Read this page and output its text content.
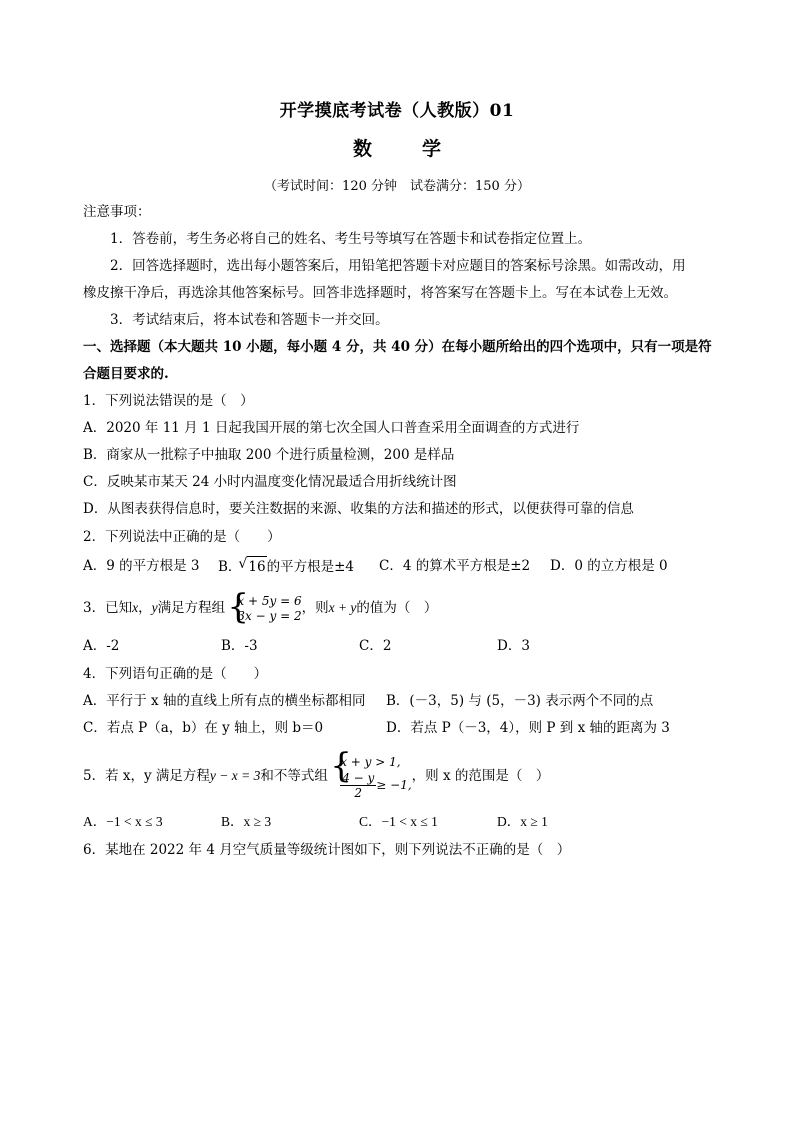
开学摸底考试卷（人教版）01
数	学
（考试时间：120 分钟　试卷满分：150 分）
注意事项：
1．答卷前，考生务必将自己的姓名、考生号等填写在答题卡和试卷指定位置上。
2．回答选择题时，选出每小题答案后，用铅笔把答题卡对应题目的答案标号涂黑。如需改动，用
橡皮擦干净后，再选涂其他答案标号。回答非选择题时，将答案写在答题卡上。写在本试卷上无效。
3．考试结束后，将本试卷和答题卡一并交回。
一、选择题（本大题共 10 小题，每小题 4 分，共 40 分）在每小题所给出的四个选项中，只有一项是符
合题目要求的.
1．下列说法错误的是（　）
A．2020 年 11 月 1 日起我国开展的第七次全国人口普查采用全面调查的方式进行
B．商家从一批粽子中抽取 200 个进行质量检测，200 是样品
C．反映某市某天 24 小时内温度变化情况最适合用折线统计图
D．从图表获得信息时，要关注数据的来源、收集的方法和描述的形式，以便获得可靠的信息
2．下列说法中正确的是（　　）
A．9 的平方根是 3 B． √ 16的平方根是±4 C．4 的算术平方根是±2 D．0 的立方根是 0
3．已知x，y满足方程组 { x + 5y = 6
3x − y = 2 ，则x + y的值为（　）
A．-2	B．-3	C．2	D．3
4．下列语句正确的是（　　）
A．平行于 x 轴的直线上所有点的横坐标都相同 B．(－3，5) 与 (5，－3) 表示两个不同的点
C．若点 P（a，b）在 y 轴上，则 b＝0	D．若点 P（－3，4），则 P 到 x 轴的距离为 3
5．若 x，y 满足方程y − x = 3和不等式组
{ x + y > 1,
$\frac{4 - y}{2} \ge -1$,
，则 x 的范围是（　）
A．−1 < x ≤ 3	B．x ≥ 3	C．−1 < x ≤ 1	D．x ≥ 1
6．某地在 2022 年 4 月空气质量等级统计图如下，则下列说法不正确的是（　）
